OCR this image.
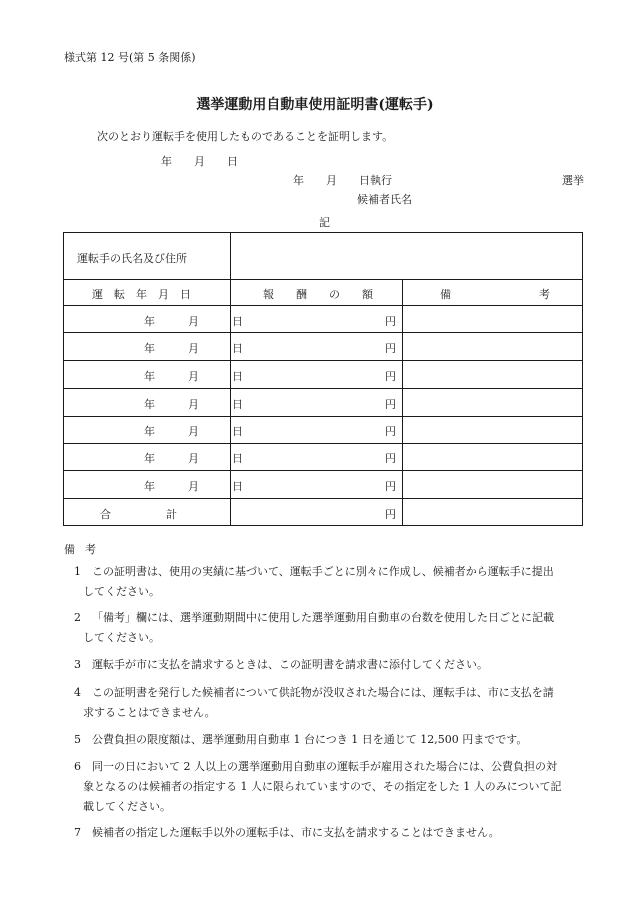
様式第 12 号(第 5 条関係)
選挙運動用自動車使用証明書(運転手)
次のとおり運転手を使用したものであることを証明します。
年　　月　　日
年　　月　　日執行	選挙
候補者氏名
記
運転手の氏名及び住所
運　転　年　月　日	報　　酬　　の　　額	備　　　　　　　　考
年　　　月　　　日	円
年　　　月　　　日	円
年　　　月　　　日	円
年　　　月　　　日	円
年　　　月　　　日	円
年　　　月　　　日	円
年　　　月　　　日	円
合　　　　　計	円
備考
1 この証明書は、使用の実績に基づいて、運転手ごとに別々に作成し、候補者から運転手に提出
してください。
2 「備考」欄には、選挙運動期間中に使用した選挙運動用自動車の台数を使用した日ごとに記載
してください。
3 運転手が市に支払を請求するときは、この証明書を請求書に添付してください。
4 この証明書を発行した候補者について供託物が没収された場合には、運転手は、市に支払を請
求することはできません。
5 公費負担の限度額は、選挙運動用自動車 1 台につき 1 日を通じて 12,500 円までです。
6 同一の日において 2 人以上の選挙運動用自動車の運転手が雇用された場合には、公費負担の対
象となるのは候補者の指定する 1 人に限られていますので、その指定をした 1 人のみについて記
載してください。
7 候補者の指定した運転手以外の運転手は、市に支払を請求することはできません。
